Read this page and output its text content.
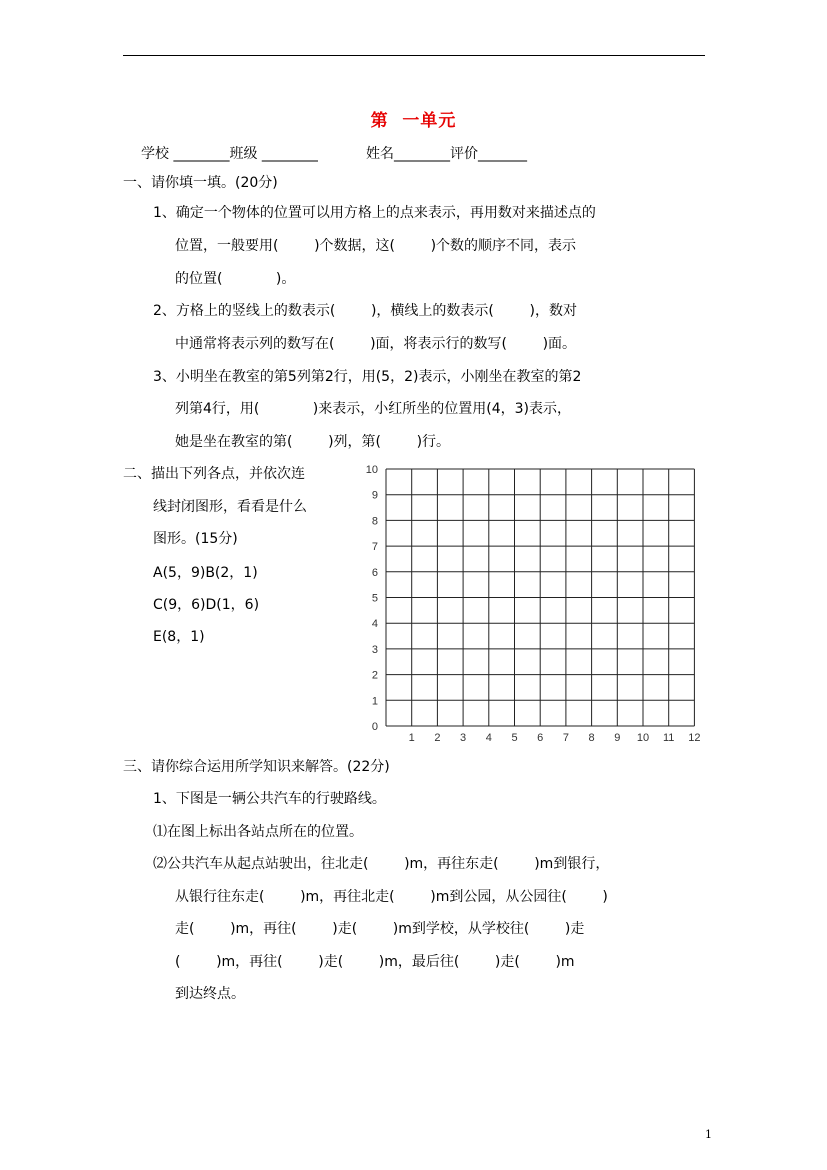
第  一单元
学校 ________班级 ________	姓名________评价_______
一、请你填一填。(20分)
1、确定一个物体的位置可以用方格上的点来表示，再用数对来描述点的
位置，一般要用(        )个数据，这(        )个数的顺序不同，表示
的位置(            )。
2、方格上的竖线上的数表示(        )，横线上的数表示(        )，数对
中通常将表示列的数写在(        )面，将表示行的数写(        )面。
3、小明坐在教室的第5列第2行，用(5，2)表示，小刚坐在教室的第2
列第4行，用(            )来表示，小红所坐的位置用(4，3)表示，
她是坐在教室的第(        )列，第(        )行。
二、描出下列各点，并依次连
线封闭图形，看看是什么
图形。(15分)
A(5，9)B(2，1)
C(9，6)D(1，6)
E(8，1)
1 2 3 4 5 6 7 8 9 10 11 12
0
1
2
3
4
5
6
7
8
9
10
三、请你综合运用所学知识来解答。(22分)
1、下图是一辆公共汽车的行驶路线。
⑴在图上标出各站点所在的位置。
⑵公共汽车从起点站驶出，往北走(        )m，再往东走(        )m到银行，
从银行往东走(        )m，再往北走(        )m到公园，从公园往(        )
走(        )m，再往(        )走(        )m到学校，从学校往(        )走
(        )m，再往(        )走(        )m，最后往(        )走(        )m
到达终点。
1
